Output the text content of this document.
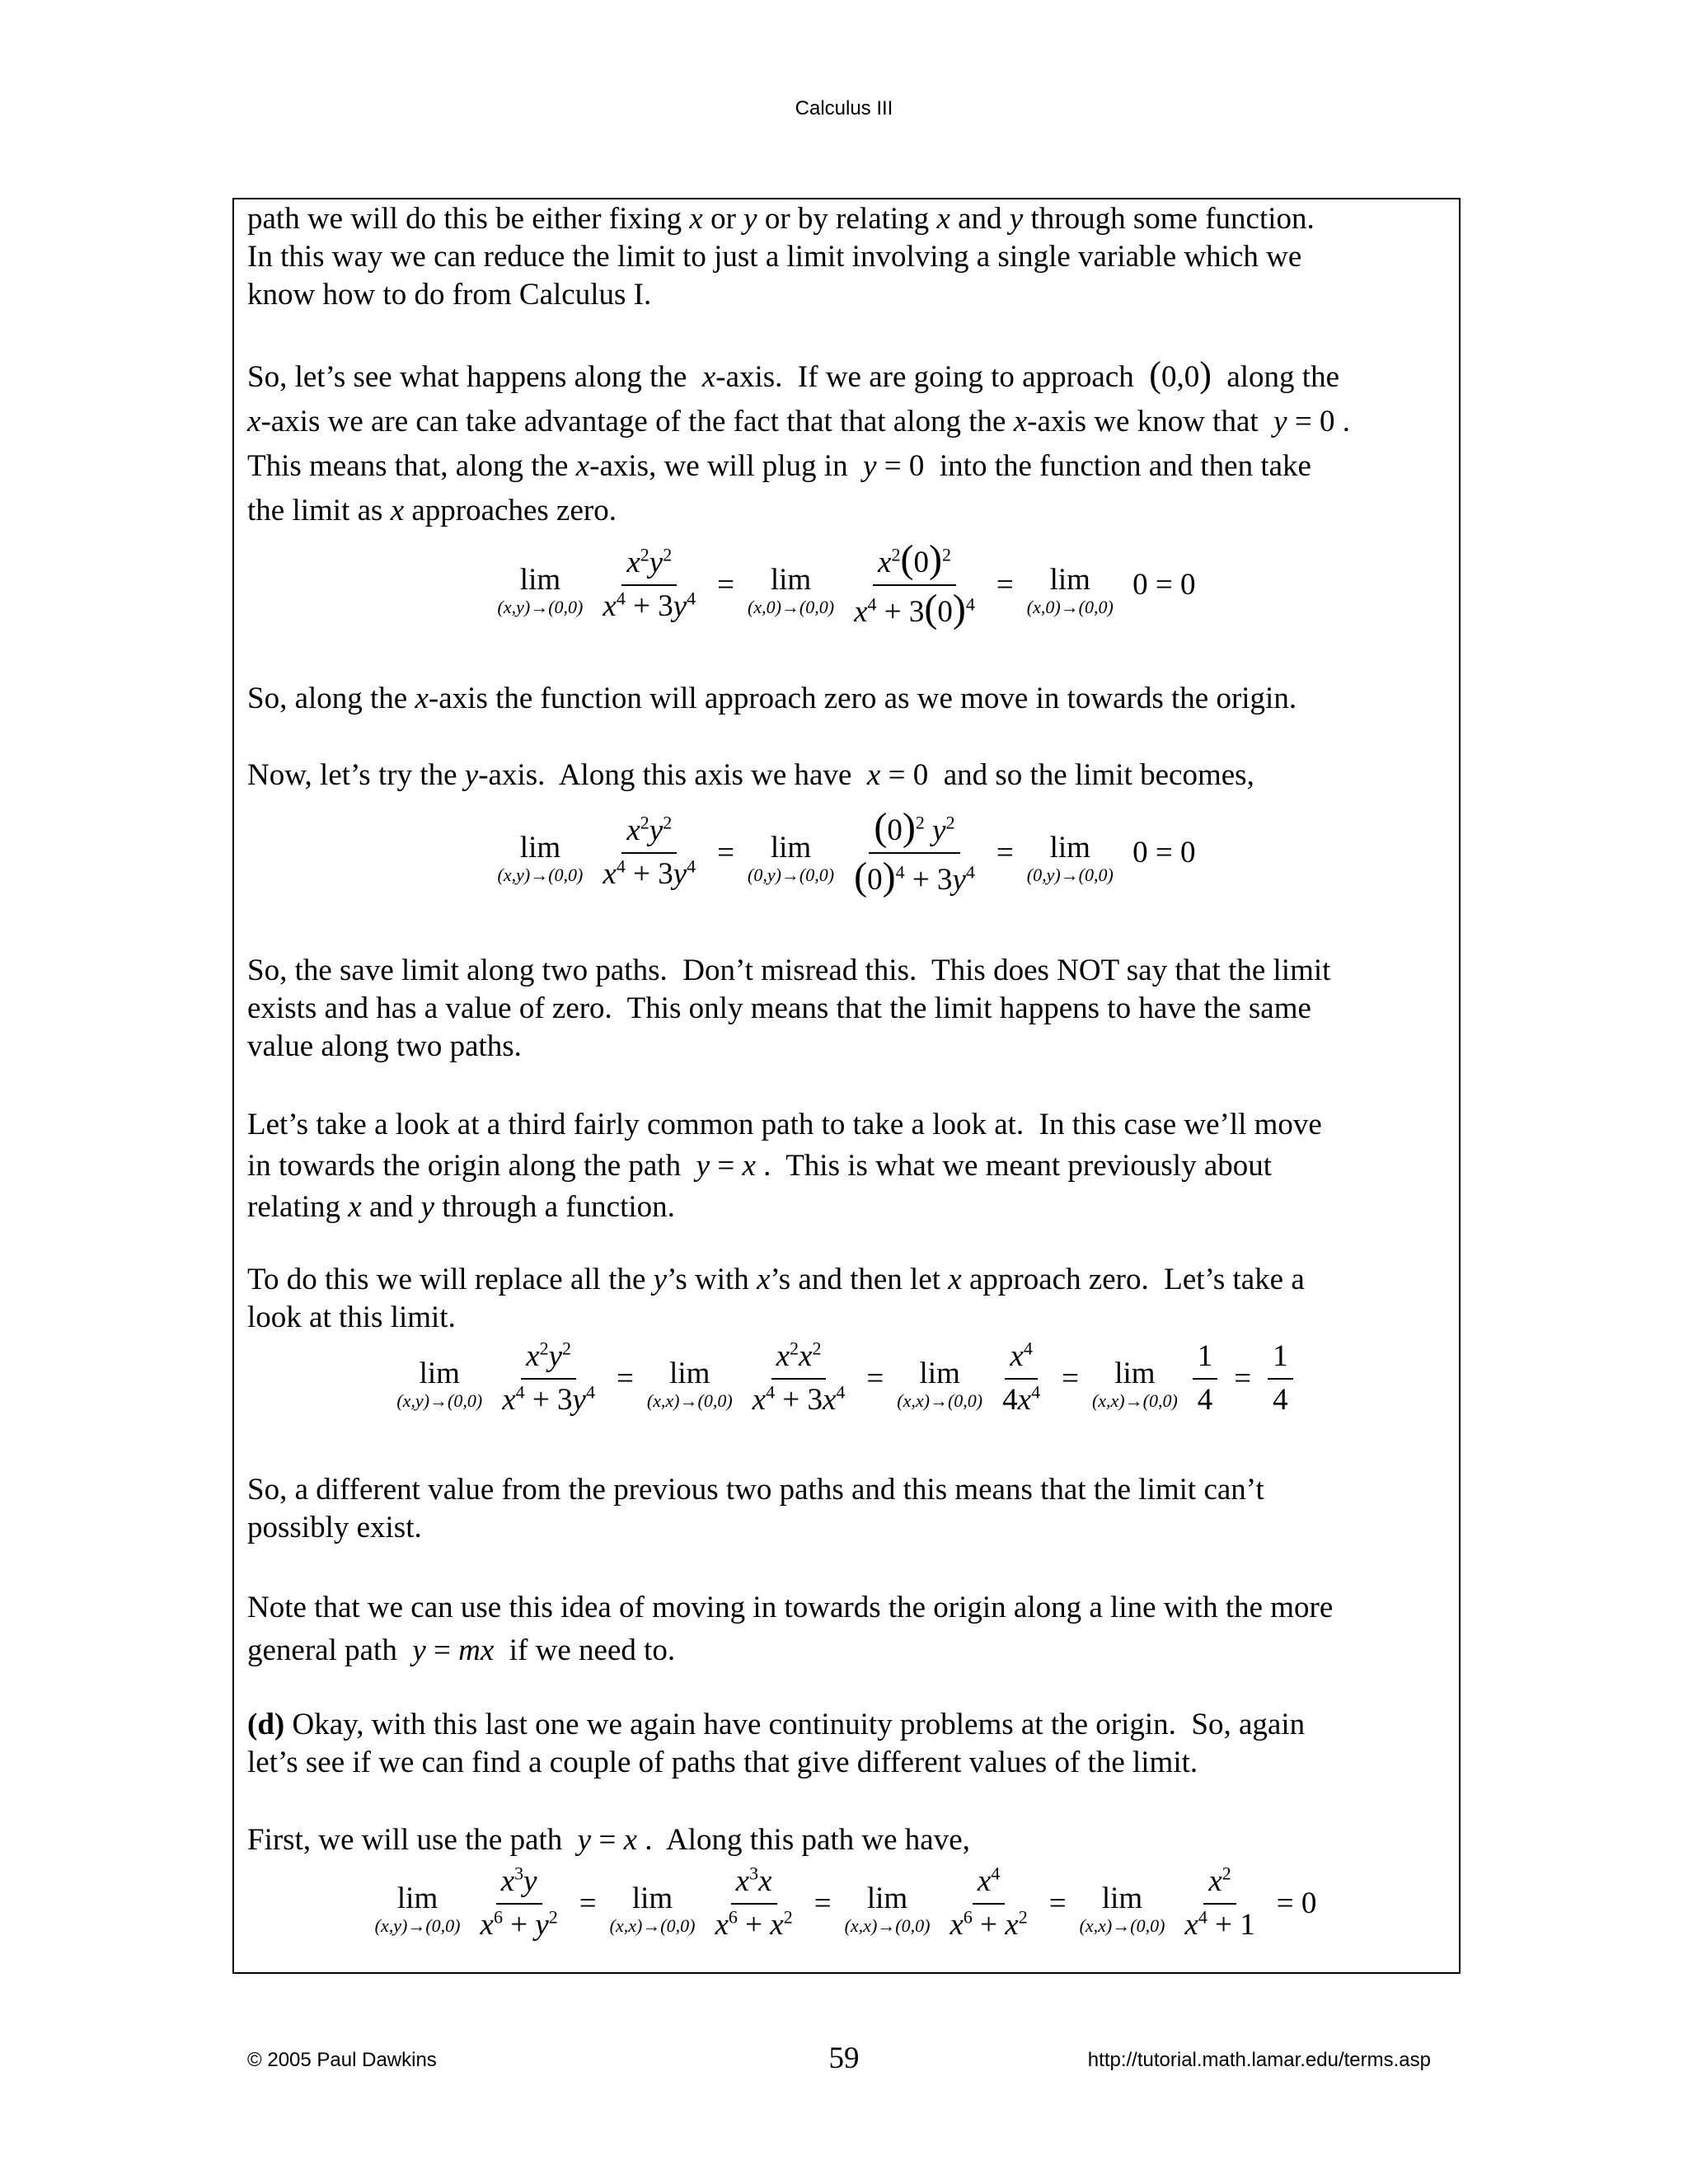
Calculus III
path we will do this be either fixing x or y or by relating x and y through some function.
In this way we can reduce the limit to just a limit involving a single variable which we
know how to do from Calculus I.
So, let’s see what happens along the  x-axis.  If we are going to approach  (0,0)  along the
x-axis we are can take advantage of the fact that that along the x-axis we know that  y = 0 .
This means that, along the x-axis, we will plug in  y = 0  into the function and then take
the limit as x approaches zero.
lim
$(x,y)\to(0,0) \frac{x^2y^2}{x^4 + 3y^4} = \lim$
$(x,0)\to(0,0) \frac{x^2(0)^2}{x^4 + 3(0)^4} = \lim$
(x,0)→(0,0)
0 = 0
So, along the x-axis the function will approach zero as we move in towards the origin.
Now, let’s try the y-axis.  Along this axis we have  x = 0  and so the limit becomes,
lim
$(x,y)\to(0,0) \frac{x^2y^2}{x^4 + 3y^4} = \lim$
$(0,y)\to(0,0) \frac{(0)^2 y^2}{(0)^4 + 3y^4} = \lim$
(0,y)→(0,0)
0 = 0
So, the save limit along two paths.  Don’t misread this.  This does NOT say that the limit
exists and has a value of zero.  This only means that the limit happens to have the same
value along two paths.
Let’s take a look at a third fairly common path to take a look at.  In this case we’ll move
in towards the origin along the path  y = x .  This is what we meant previously about
relating x and y through a function.
To do this we will replace all the y’s with x’s and then let x approach zero.  Let’s take a
look at this limit.
lim
$(x,y)\to(0,0) \frac{x^2y^2}{x^4 + 3y^4} = \lim$
$(x,x)\to(0,0) \frac{x^2x^2}{x^4 + 3x^4} = \lim$
$(x,x)\to(0,0) \frac{x^4}{4x^4} = \lim$
$(x,x)\to(0,0) \frac{1}{4} = \frac{1}{4}$
So, a different value from the previous two paths and this means that the limit can’t
possibly exist.
Note that we can use this idea of moving in towards the origin along a line with the more
general path  y = mx  if we need to.
(d) Okay, with this last one we again have continuity problems at the origin.  So, again
let’s see if we can find a couple of paths that give different values of the limit.
First, we will use the path  y = x .  Along this path we have,
lim
$(x,y)\to(0,0) \frac{x^3y}{x^6 + y^2} = \lim$
$(x,x)\to(0,0) \frac{x^3x}{x^6 + x^2} = \lim$
$(x,x)\to(0,0) \frac{x^4}{x^6 + x^2} = \lim$
$(x,x)\to(0,0) \frac{x^2}{x^4 + 1} = 0$
© 2005 Paul Dawkins	59	http://tutorial.math.lamar.edu/terms.asp
